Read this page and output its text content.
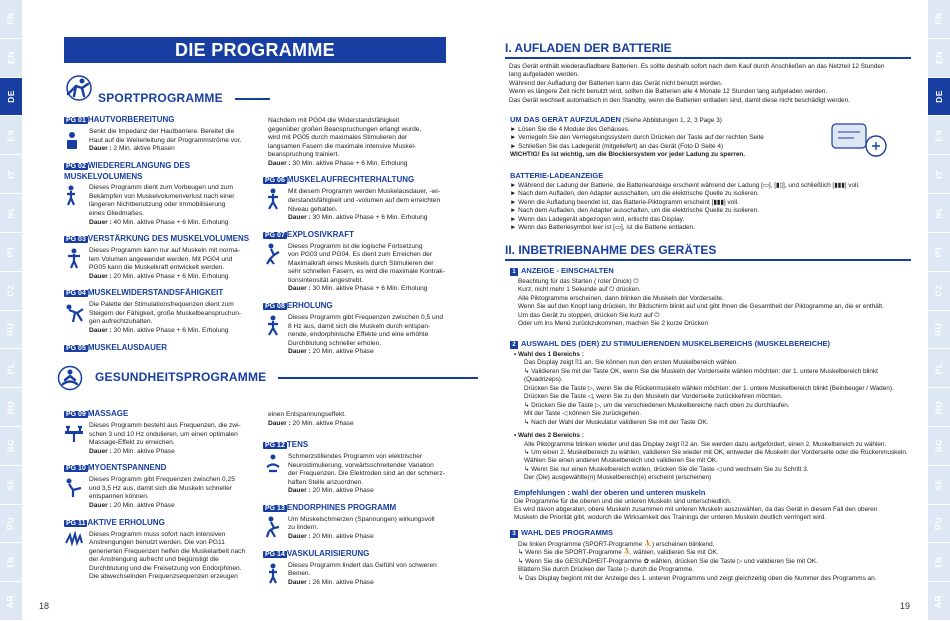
FR
EN
DE
ES
IT
NL
PT
CZ
HU
PL
RO
BG
SE
RU
TR
AR
FR
EN
DE
ES
IT
NL
PT
CZ
HU
PL
RO
BG
SE
RU
TR
AR
18	19
DIE PROGRAMME
SPORTPROGRAMME
PG 01 HAUTVORBEREITUNG

Senkt die Impedanz der Hautbarriere. Bereitet die

Haut auf die Weiterleitung der Programmströme vor.

Dauer : 2 Min. aktive Phasen

PG 02 WIEDERERLANGUNG DES MUSKELVOLUMENS

Dieses Programm dient zum Vorbeugen und zum

Bekämpfen von Muskelvolumenverlust nach einer

längeren Nichtbenutzung oder Immobilisierung

eines Gliedmaßes.

Dauer : 40 Min. aktive Phase + 6 Min. Erholung

PG 03 VERSTÄRKUNG DES MUSKELVOLUMENS

Dieses Programm kann nur auf Muskeln mit norma-

lem Volumen angewendet werden. Mit PG04 und

PG05 kann die Muskelkraft entwickelt werden.

Dauer : 20 Min. aktive Phase + 6 Min. Erholung

PG 04 MUSKELWIDERSTANDSFÄHIGKEIT

Die Palette der Stimulationsfrequenzen dient zum

Steigern der Fähigkeit, große Muskelbeanspruchun-

gen aufrechtzuhalten.

Dauer : 30 Min. aktive Phase + 6 Min. Erholung

PG 05 MUSKELAUSDAUER

Nachdem mit PG04 die Widerstandsfähigkeit

gegenüber großen Beanspruchungen erlangt wurde,

wird mit PG05 durch maximales Stimulieren der

langsamen Fasern die maximale intensive Muskel-

beanspruchung trainiert.

Dauer : 30 Min. aktive Phase + 6 Min. Erholung

PG 06 MUSKELAUFRECHTERHALTUNG

Mit diesem Programm werden Muskelausdauer, -wi-

derstandsfähigkeit und -volumen auf dem erreichten

Niveau gehalten.

Dauer : 30 Min. aktive Phase + 6 Min. Erholung

PG 07 EXPLOSIVKRAFT

Dieses Programm ist die logische Fortsetzung

von PG03 und PG04. Es dient zum Erreichen der

Maximalkraft eines Muskels durch Stimulieren der

sehr schnellen Fasern, es wird die maximale Kontrak-

tionsintensität angestrebt.

Dauer : 30 Min. aktive Phase + 6 Min. Erholung

PG 08 ERHOLUNG

Dieses Programm gibt Frequenzen zwischen 0,5 und

8 Hz aus, damit sich die Muskeln durch entspan-

nende, endorphinische Effekte und eine erhöhte

Durchblutung schneller erholen.

Dauer : 20 Min. aktive Phase

GESUNDHEITSPROGRAMME
PG 09 MASSAGE

Dieses Programm besteht aus Frequenzen, die zwi-

schen 3 und 10 Hz ondulieren, um einen optimalen

Massage-Effekt zu erreichen.

Dauer : 20 Min. aktive Phase

PG 10 MYOENTSPANNEND

Dieses Programm gibt Frequenzen zwischen 0,25

und 3,5 Hz aus, damit sich die Muskeln schneller

entspannen können.

Dauer : 20 Min. aktive Phase

PG 11 AKTIVE ERHOLUNG

Dieses Programm muss sofort nach intensiven

Anstrengungen benutzt werden. Die von PG11

generierten Frequenzen helfen die Muskelarbeit nach

der Anstrengung aufrecht und begünstigt die

Durchblutung und die Freisetzung von Endorphinen.

Die abwechselnden Frequenzsequenzen erzeugen

einen Entspannungseffekt.

Dauer : 20 Min. aktive Phase

PG 12 TENS

Schmerzstillendes Programm von elektrischer

Neurostimulierung, vorwärtsschreitender Variation

der Frequenzen. Die Elektroden sind an der schmerz-

haften Stelle anzuordnen.

Dauer : 20 Min. aktive Phase

PG 13 ENDORPHINES PROGRAMM

Um Muskelschmerzen (Spannungen) wirkungsvoll

zu lindern.

Dauer : 20 Min. aktive Phase

PG 14 VASKULARISIERUNG

Dieses Programm lindert das Gefühl von schweren

Beinen.

Dauer : 26 Min. aktive Phase

I. AUFLADEN DER BATTERIE

Das Gerät enthält wiederaufladbare Batterien. Es sollte deshalb sofort nach dem Kauf durch Anschließen an das Netzteil 12 Stunden

lang aufgeladen werden.

Während der Aufladung der Batterien kann das Gerät nicht benutzt werden.

Wenn es längere Zeit nicht benutzt wird, sollten die Batterien alle 4 Monate 12 Stunden lang aufgeladen werden.

Das Gerät wechselt automatisch in den Standby, wenn die Batterien entladen sind, damit diese nicht beschädigt werden.

UM DAS GERÄT AUFZULADEN (Siehe Abbildungen 1, 2, 3 Page 3)

► Lösen Sie die 4 Module des Gehäuses.

► Verriegeln Sie den Verriegelungssystem durch Drücken der Taste auf der rechten Seite

► Schließen Sie das Ladegerät (mitgeliefert) an das Gerät (Foto D Seite 4)

WICHTIG! Es ist wichtig, um die Blockiersystem vor jeder Ladung zu sperren.

BATTERIE-LADEANZEIGE

► Während der Ladung der Batterie, die Batterieanzeige erscheint während der Ladung [▭], [▮▯], und schließlich [▮▮▮] voll.

► Nach dem Aufladen, den Adapter ausschalten, um die elektrische Quelle zu isolieren.

► Wenn die Aufladung beendet ist, das Batterie-Piktogramm erscheint [▮▮▮] voll.

► Nach dem Aufladen, den Adapter ausschalten, um die elektrische Quelle zu isolieren.

► Wenn das Ladegerät abgezogen wird, erlischt das Display.

► Wenn das Batteriesymbol leer ist [▭], ist die Batterie entladen.

II. INBETRIEBNAHME DES GERÄTES
1 ANZEIGE - EINSCHALTEN

Beachtung für das Starten ( roter Druck) ⏻

Kurz, nicht mehr 1 Sekunde auf ⏻ drücken.

Alle Piktogramme erscheinen, dann blinken die Muskeln der Vorderseite.

Wenn Sie auf den Knopf lang drücken, Ihr Bildschirm blinkt auf und gibt Ihnen die Gesamtheit der Piktogramme an, die er enthält.

Um das Gerät zu stoppen, drücken Sie kurz auf ⏻

Oder um ins Menü zurückzukommen, machen Sie 2 kurze Drücken

2 AUSWAHL DES (DER) ZU STIMULIERENDEN MUSKELBEREICHS (MUSKELBEREICHE)

• Wahl des 1 Bereichs :

Das Display zeigt ⌷1 an. Sie können nun den ersten Muskelbereich wählen.

↳ Validieren Sie mit der Taste OK, wenn Sie die Muskeln der Vorderseite wählen möchten: der 1. untere Muskelbereich blinkt (Quadrizeps).

Drücken Sie die Taste ▷, wenn Sie die Rückenmuskeln wählen möchten: der 1. untere Muskelbereich blinkt (Beinbeuger / Waden).

Drücken Sie die Taste ◁, wenn Sie zu den Muskeln der Vorderseite zurückkehren möchten.

↳ Drücken Sie die Taste ▷, um die verschiedenen Muskelbereiche nach oben zu durchlaufen.

Mit der Taste ◁ können Sie zurückgehen.

↳ Nach der Wahl der Muskulatur validieren Sie mit der Taste OK.

• Wahl des 2 Bereichs :

Alle Piktogramme blinken wieder und das Display zeigt ⌷2 an. Sie werden dazu aufgefordert, einen 2. Muskelbereich zu wählen:

↳ Um einen 2. Muskelbereich zu wählen, validieren Sie wieder mit OK, entweder die Muskeln der Vorderseite oder die Rückenmuskeln.

Wählen Sie einen anderen Muskelbereich und validieren Sie mit OK.

↳ Wenn Sie nur einen Muskelbereich wollen, drücken Sie die Taste ◁ und wechseln Sie zu Schritt 3.

Der (Die) ausgewählte(n) Muskelbereich(e) erscheint (erscheinen)

Empfehlungen : wahl der oberen und unteren muskeln

Die Programme für die oberen und die unteren Muskeln sind unterschiedlich.

Es wird davon abgeraten, obere Muskeln zusammen mit unteren Muskeln auszuwählen, da das Gerät in diesem Fall den oberen

Muskeln die Priorität gibt, wodurch die Wirksamkeit des Trainings der unteren Muskeln deutlich verringert wird.

3 WAHL DES PROGRAMMS

Die linken Programme (SPORT-Programme ⛹) erscheinen blinkend.

↳ Wenn Sie die SPORT-Programme ⛹ wählen, validieren Sie mit OK.

↳ Wenn Sie die GESUNDHEIT-Programme ✿ wählen, drücken Sie die Taste ▷ und validieren Sie mit OK.

Blättern Sie durch Drücken der Taste ▷ durch die Programme.

↳ Das Display beginnt mit der Anzeige des 1. unteren Programms und zeigt gleichzeitig oben die Nummer des Programms an.
